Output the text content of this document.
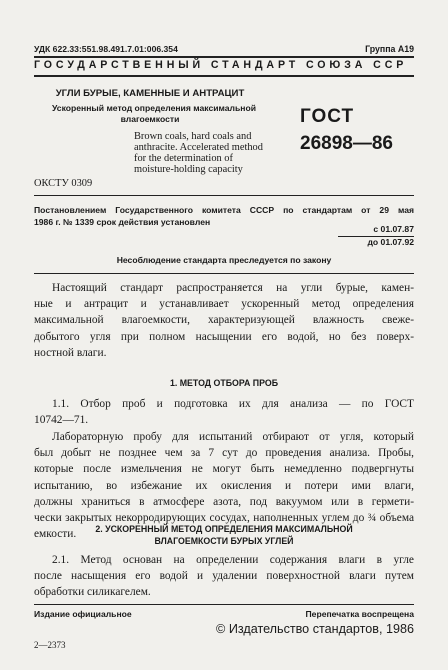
УДК 622.33:551.98.491.7.01:006.354	Группа А19
ГОСУДАРСТВЕННЫЙ СТАНДАРТ СОЮЗА ССР
УГЛИ БУРЫЕ, КАМЕННЫЕ И АНТРАЦИТ
Ускоренный метод определения максимальной
влагоемкости
Brown coals, hard coals and
anthracite. Accelerated method
for the determination of
moisture-holding capacity
ГОСТ
26898—86
ОКСТУ 0309
Постановлением Государственного комитета СССР по стандартам от 29 мая
1986 г. № 1339 срок действия установлен
с 01.07.87
до 01.07.92
Несоблюдение стандарта преследуется по закону
Настоящий стандарт распространяется на угли бурые, камен-
ные и антрацит и устанавливает ускоренный метод определения
максимальной влагоемкости, характеризующей влажность свеже-
добытого угля при полном насыщении его водой, но без поверх-
ностной влаги.
1. МЕТОД ОТБОРА ПРОБ
1.1. Отбор проб и подготовка их для анализа — по ГОСТ
10742—71.
Лабораторную пробу для испытаний отбирают от угля, который
был добыт не позднее чем за 7 сут до проведения анализа. Пробы,
которые после измельчения не могут быть немедленно подвергнуты
испытанию, во избежание их окисления и потери ими влаги,
должны храниться в атмосфере азота, под вакуумом или в гермети-
чески закрытых некорродирующих сосудах, наполненных углем до ¾ объема емкости.	2. УСКОРЕННЫЙ МЕТОД ОПРЕДЕЛЕНИЯ МАКСИМАЛЬНОЙ
ВЛАГОЕМКОСТИ БУРЫХ УГЛЕЙ
2.1. Метод основан на определении содержания влаги в угле
после насыщения его водой и удалении поверхностной влаги путем
обработки силикагелем.
Издание официальное	Перепечатка воспрещена
© Издательство стандартов, 1986
2—2373
